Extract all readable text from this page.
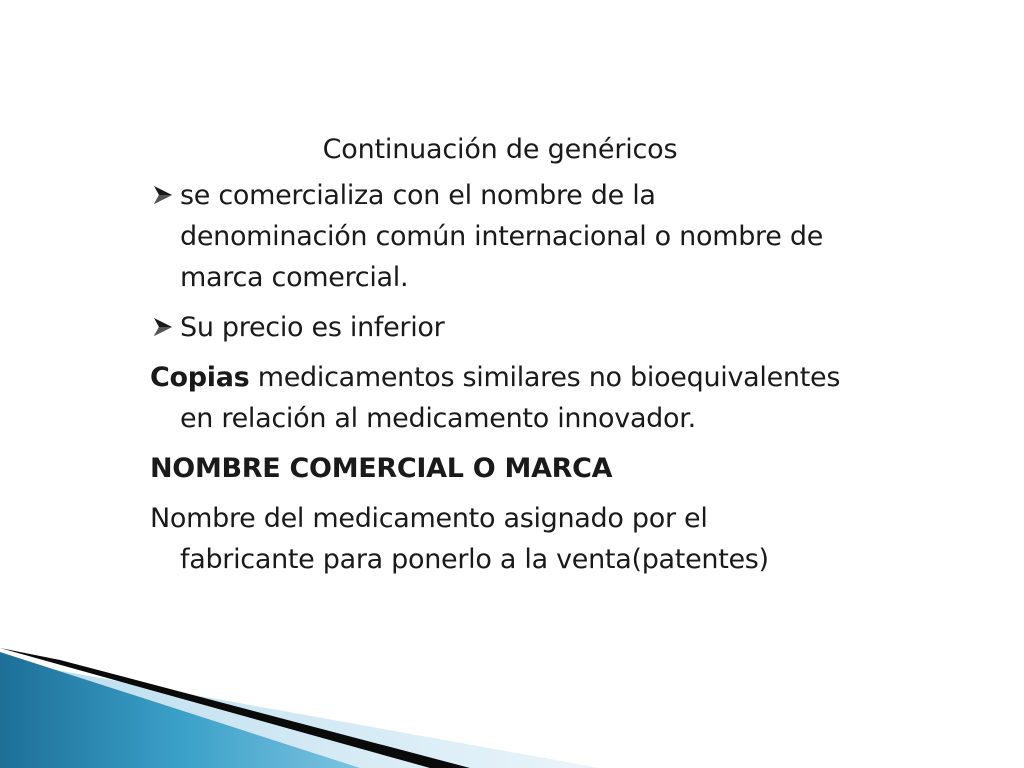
Continuación de genéricos
se comercializa con el nombre de la denominación común internacional o nombre de marca comercial.
Su precio es inferior
Copias medicamentos similares no bioequivalentes en relación al medicamento innovador.
NOMBRE COMERCIAL O MARCA
Nombre del medicamento asignado por el fabricante para ponerlo a la venta(patentes)
